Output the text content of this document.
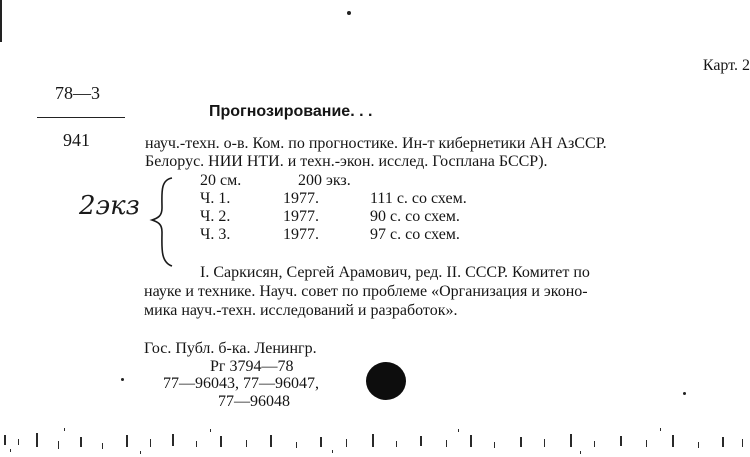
Карт. 2
78—3
941
Прогнозирование. . .
науч.-техн. о-в. Ком. по прогностике. Ин-т кибернетики АН АзССР.
Белорус. НИИ НТИ. и техн.-экон. исслед. Госплана БССР).
20 см.	200 экз.
Ч. 1.	1977.	111 с. со схем.
Ч. 2.	1977.	90 с. со схем.
Ч. 3.	1977.	97 с. со схем.
2экз
I. Саркисян, Сергей Арамович, ред. II. СССР. Комитет по
науке и технике. Науч. совет по проблеме «Организация и эконо-
мика науч.-техн. исследований и разработок».
Гос. Публ. б-ка. Ленингр.
Рг 3794—78
77—96043, 77—96047,
77—96048
